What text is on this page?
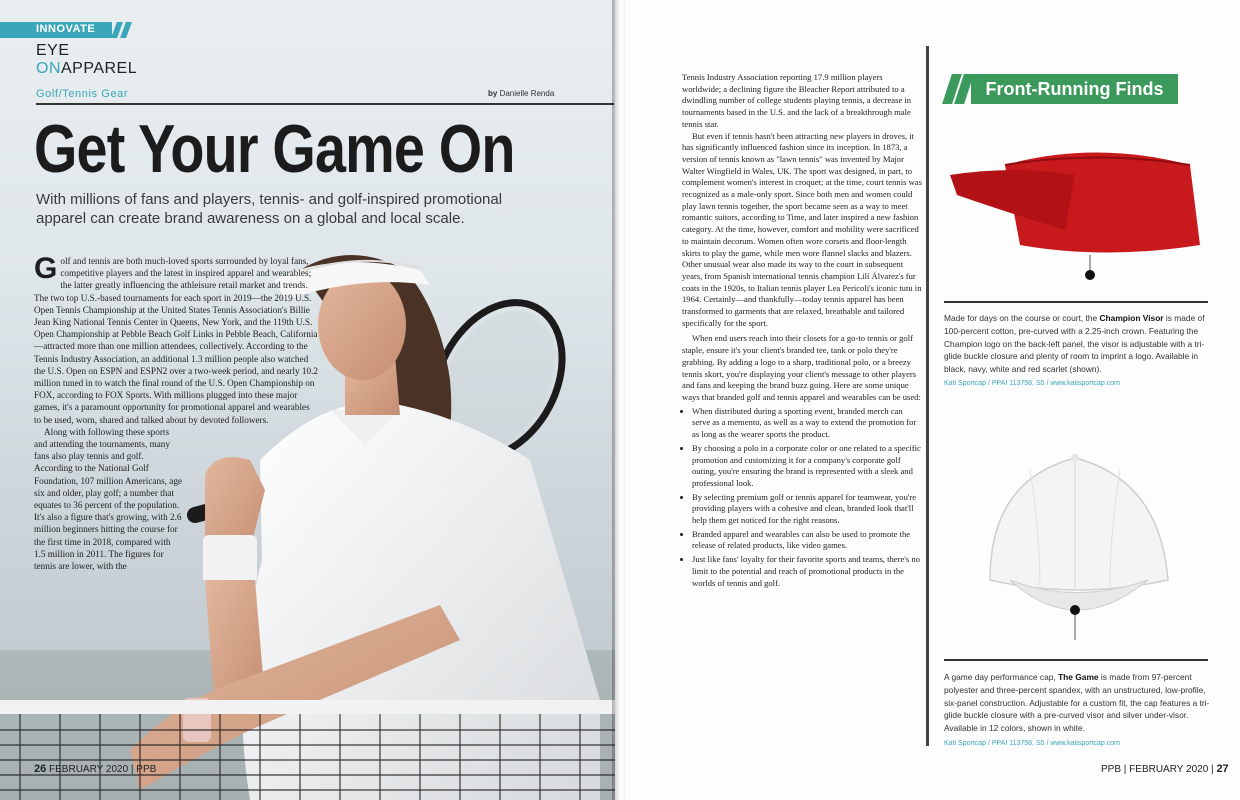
INNOVATE
EYE
ONAPPAREL
Golf/Tennis Gear	by Danielle Renda
Get Your Game On
With millions of fans and players, tennis- and golf-inspired promotional apparel can create brand awareness on a global and local scale.

Golf and tennis are both much-loved sports surrounded by loyal fans, competitive players and the latest in inspired apparel and wearables; the latter greatly influencing the athleisure retail market and trends. The two top U.S.-based tournaments for each sport in 2019—the 2019 U.S. Open Tennis Championship at the United States Tennis Association's Billie Jean King National Tennis Center in Queens, New York, and the 119th U.S. Open Championship at Pebble Beach Golf Links in Pebble Beach, California—attracted more than one million attendees, collectively. According to the Tennis Industry Association, an additional 1.3 million people also watched the U.S. Open on ESPN and ESPN2 over a two-week period, and nearly 10.2 million tuned in to watch the final round of the U.S. Open Championship on FOX, according to FOX Sports. With millions plugged into these major games, it's a paramount opportunity for promotional apparel and wearables to be used, worn, shared and talked about by devoted followers.

Along with following these sports and attending the tournaments, many fans also play tennis and golf. According to the National Golf Foundation, 107 million Americans, age six and older, play golf; a number that equates to 36 percent of the population. It's also a figure that's growing, with 2.6 million beginners hitting the course for the first time in 2018, compared with 1.5 million in 2011. The figures for tennis are lower, with the

26 FEBRUARY 2020 | PPB

Tennis Industry Association reporting 17.9 million players worldwide; a declining figure the Bleacher Report attributed to a dwindling number of college students playing tennis, a decrease in tournaments based in the U.S. and the lack of a breakthrough male tennis star.

But even if tennis hasn't been attracting new players in droves, it has significantly influenced fashion since its inception. In 1873, a version of tennis known as "lawn tennis" was invented by Major Walter Wingfield in Wales, UK. The sport was designed, in part, to complement women's interest in croquet; at the time, court tennis was recognized as a male-only sport. Since both men and women could play lawn tennis together, the sport became seen as a way to meet romantic suitors, according to Time, and later inspired a new fashion category. At the time, however, comfort and mobility were sacrificed to maintain decorum. Women often wore corsets and floor-length skirts to play the game, while men wore flannel slacks and blazers. Other unusual wear also made its way to the court in subsequent years, from Spanish international tennis champion Lilí Álvarez's fur coats in the 1920s, to Italian tennis player Lea Pericoli's iconic tutu in 1964. Certainly—and thankfully—today tennis apparel has been transformed to garments that are relaxed, breathable and tailored specifically for the sport.

When end users reach into their closets for a go-to tennis or golf staple, ensure it's your client's branded tee, tank or polo they're grabbing. By adding a logo to a sharp, traditional polo, or a breezy tennis skort, you're displaying your client's message to other players and fans and keeping the brand buzz going. Here are some unique ways that branded golf and tennis apparel and wearables can be used:

• When distributed during a sporting event, branded merch can serve as a memento, as well as a way to extend the promotion for as long as the wearer sports the product.
• By choosing a polo in a corporate color or one related to a specific promotion and customizing it for a company's corporate golf outing, you're ensuring the brand is represented with a sleek and professional look.
• By selecting premium golf or tennis apparel for teamwear, you're providing players with a cohesive and clean, branded look that'll help them get noticed for the right reasons.
• Branded apparel and wearables can also be used to promote the release of related products, like video games.
• Just like fans' loyalty for their favorite sports and teams, there's no limit to the potential and reach of promotional products in the worlds of tennis and golf.
Front-Running Finds
Made for days on the course or court, the Champion Visor is made of 100-percent cotton, pre-curved with a 2.25-inch crown. Featuring the Champion logo on the back-left panel, the visor is adjustable with a tri-glide buckle closure and plenty of room to imprint a logo. Available in black, navy, white and red scarlet (shown).
Kati Sportcap / PPAI 113758, S5 / www.katisportcap.com
A game day performance cap, The Game is made from 97-percent polyester and three-percent spandex, with an unstructured, low-profile, six-panel construction. Adjustable for a custom fit, the cap features a tri-glide buckle closure with a pre-curved visor and silver under-visor. Available in 12 colors, shown in white.
Kati Sportcap / PPAI 113758, S5 / www.katisportcap.com
PPB | FEBRUARY 2020 | 27
